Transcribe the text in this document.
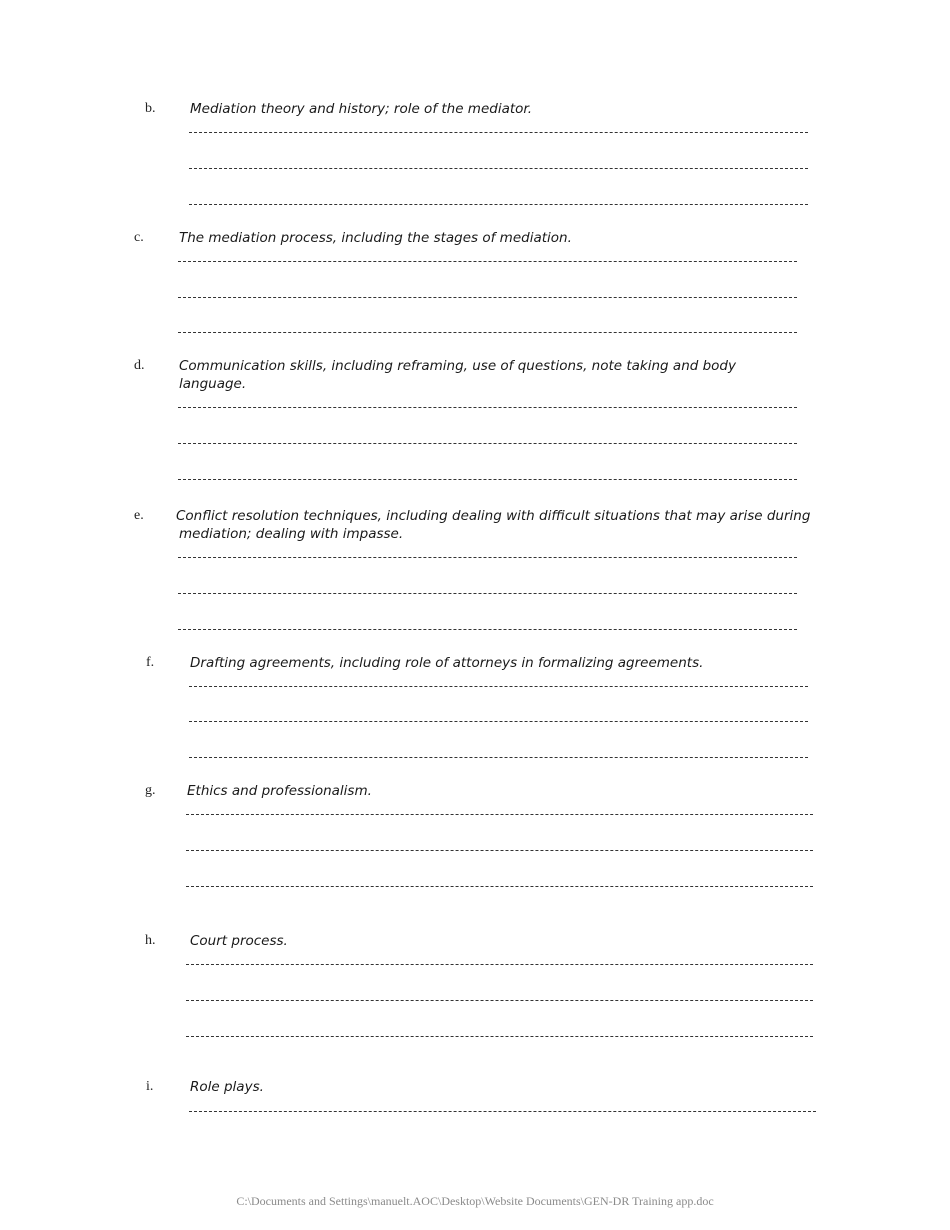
b.	Mediation theory and history; role of the mediator.
c.	The mediation process, including the stages of mediation.
d.	Communication skills, including reframing, use of questions, note taking and body
language.
e. Conflict resolution techniques, including dealing with difficult situations that may arise during
mediation; dealing with impasse.
f.	Drafting agreements, including role of attorneys in formalizing agreements.
g. Ethics and professionalism.
h.	Court process.
i.	Role plays.
C:\Documents and Settings\manuelt.AOC\Desktop\Website Documents\GEN-DR Training app.doc
